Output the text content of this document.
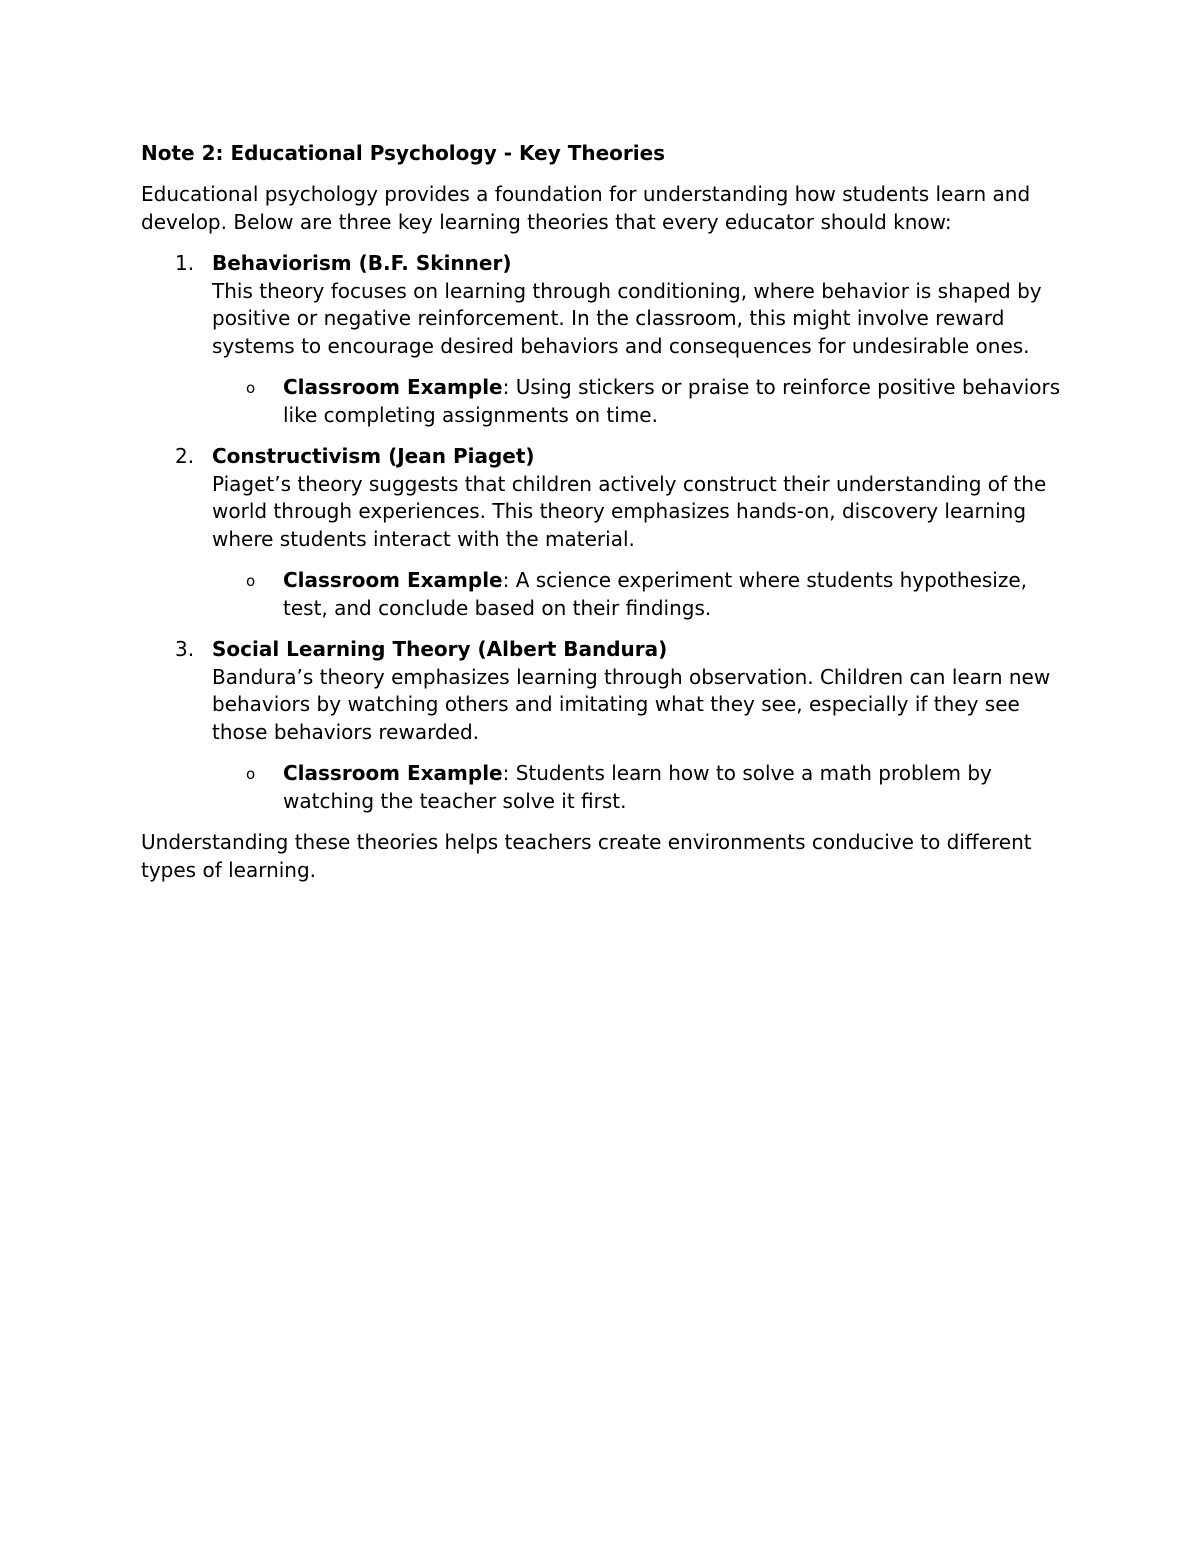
Note 2: Educational Psychology - Key Theories
Educational psychology provides a foundation for understanding how students learn and develop. Below are three key learning theories that every educator should know:
1. Behaviorism (B.F. Skinner)
This theory focuses on learning through conditioning, where behavior is shaped by positive or negative reinforcement. In the classroom, this might involve reward systems to encourage desired behaviors and consequences for undesirable ones.
o Classroom Example: Using stickers or praise to reinforce positive behaviors like completing assignments on time.
2. Constructivism (Jean Piaget)
Piaget’s theory suggests that children actively construct their understanding of the world through experiences. This theory emphasizes hands-on, discovery learning where students interact with the material.
o Classroom Example: A science experiment where students hypothesize, test, and conclude based on their findings.
3. Social Learning Theory (Albert Bandura)
Bandura’s theory emphasizes learning through observation. Children can learn new behaviors by watching others and imitating what they see, especially if they see those behaviors rewarded.
o Classroom Example: Students learn how to solve a math problem by watching the teacher solve it first.
Understanding these theories helps teachers create environments conducive to different types of learning.
